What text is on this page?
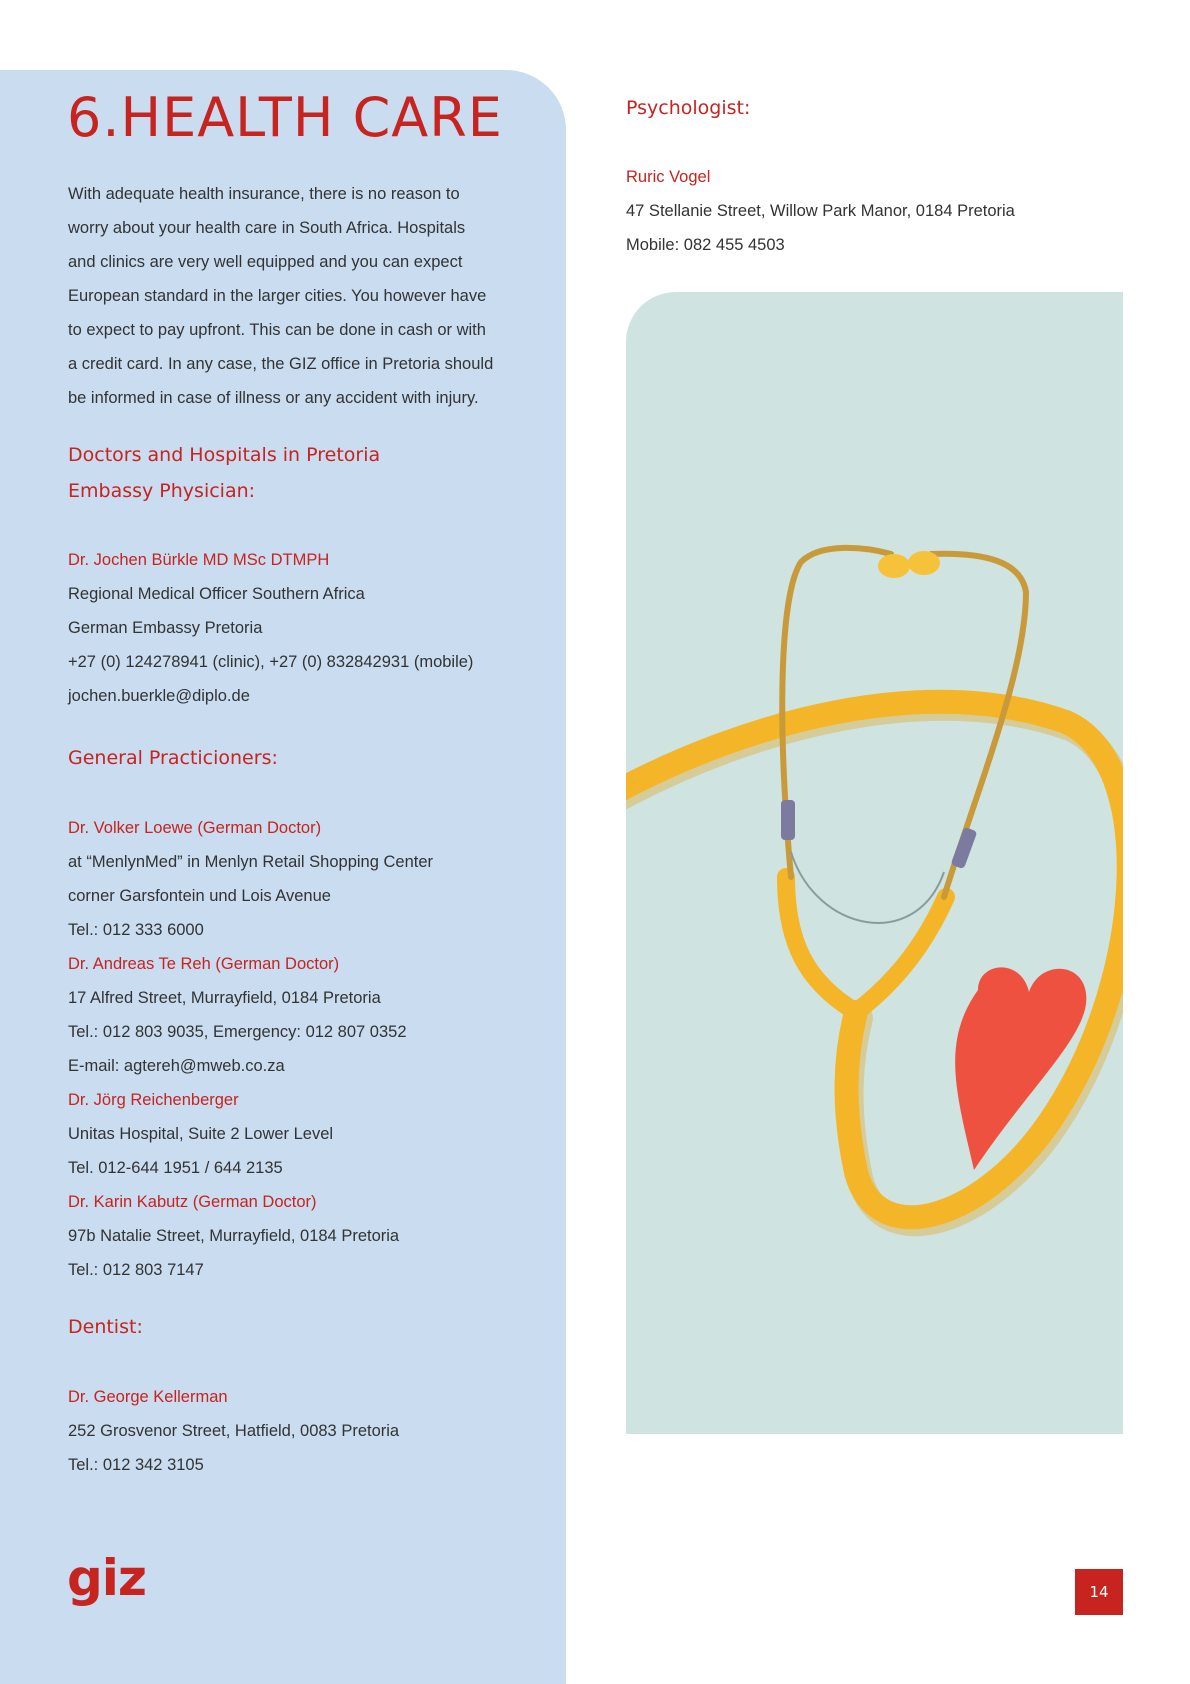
6.HEALTH CARE

With adequate health insurance, there is no reason to
worry about your health care in South Africa. Hospitals
and clinics are very well equipped and you can expect
European standard in the larger cities. You however have
to expect to pay upfront. This can be done in cash or with
a credit card. In any case, the GIZ office in Pretoria should
be informed in case of illness or any accident with injury.

Doctors and Hospitals in Pretoria
Embassy Physician:
Dr. Jochen Bürkle MD MSc DTMPH
Regional Medical Officer Southern Africa
German Embassy Pretoria
+27 (0) 124278941 (clinic), +27 (0) 832842931 (mobile)
jochen.buerkle@diplo.de
General Practicioners:
Dr. Volker Loewe (German Doctor)
at “MenlynMed” in Menlyn Retail Shopping Center
corner Garsfontein und Lois Avenue
Tel.: 012 333 6000
Dr. Andreas Te Reh (German Doctor)
17 Alfred Street, Murrayfield, 0184 Pretoria
Tel.: 012 803 9035, Emergency: 012 807 0352
E-mail: agtereh@mweb.co.za
Dr. Jörg Reichenberger
Unitas Hospital, Suite 2 Lower Level
Tel. 012-644 1951 / 644 2135
Dr. Karin Kabutz (German Doctor)
97b Natalie Street, Murrayfield, 0184 Pretoria
Tel.: 012 803 7147
Dentist:
Dr. George Kellerman
252 Grosvenor Street, Hatfield, 0083 Pretoria
Tel.: 012 342 3105
Psychologist:
Ruric Vogel
47 Stellanie Street, Willow Park Manor, 0184 Pretoria
Mobile: 082 455 4503
giz	14
